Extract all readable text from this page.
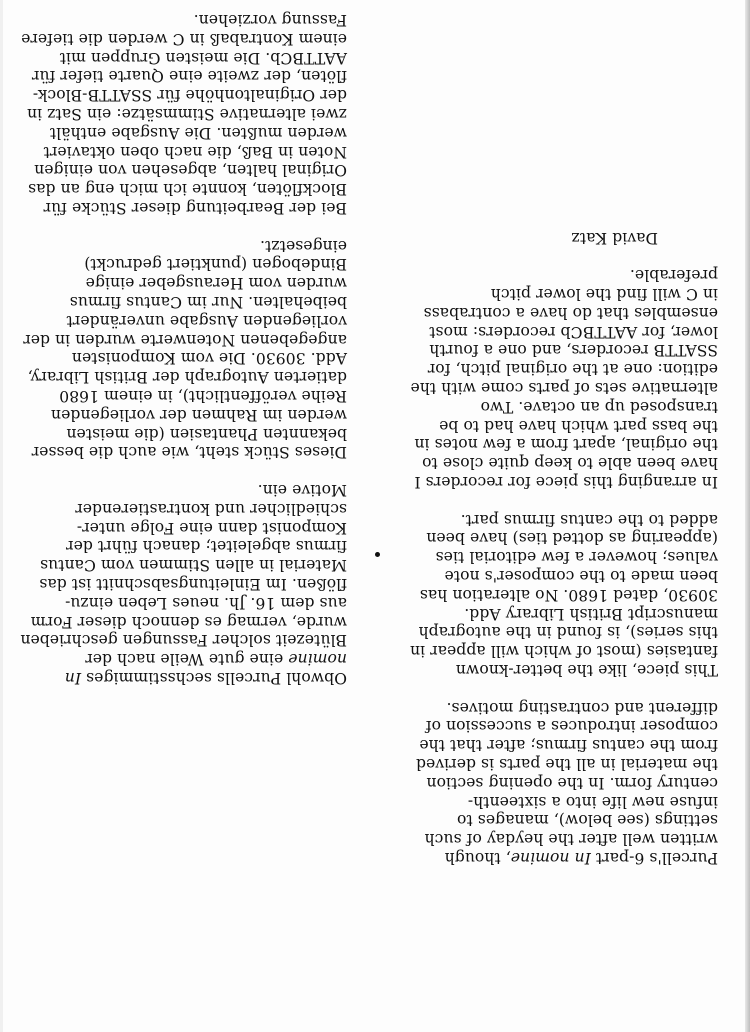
Purcell's 6-part In nomine, though
written well after the heyday of such
settings (see below), manages to
infuse new life into a sixteenth-
century form. In the opening section
the material in all the parts is derived
from the cantus firmus; after that the
composer introduces a succession of
different and contrasting motives.
This piece, like the better-known
fantasies (most of which will appear in
this series), is found in the autograph
manuscript British Library Add.
30930, dated 1680. No alteration has
been made to the composer's note
values; however a few editorial ties
(appearing as dotted ties) have been
added to the cantus firmus part.
In arranging this piece for recorders I
have been able to keep quite close to
the original, apart from a few notes in
the bass part which have had to be
transposed up an octave. Two
alternative sets of parts come with the
edition: one at the original pitch, for
SSATTB recorders, and one a fourth
lower, for AATTBCb recorders: most
ensembles that do have a contrabass
in C will find the lower pitch
preferable.
David Katz
Obwohl Purcells sechsstimmiges In
nomine eine gute Weile nach der
Blütezeit solcher Fassungen geschrieben
wurde, vermag es dennoch dieser Form
aus dem 16. Jh. neues Leben einzu-
flößen. Im Einleitungsabschnitt ist das
Material in allen Stimmen vom Cantus
firmus abgeleitet; danach führt der
Komponist dann eine Folge unter-
schiedlicher und kontrastierender
Motive ein.
Dieses Stück steht, wie auch die besser
bekannten Phantasien (die meisten
werden im Rahmen der vorliegenden
Reihe veröffentlicht), in einem 1680
datierten Autograph der British Library,
Add. 30930. Die vom Komponisten
angegebenen Notenwerte wurden in der
vorliegenden Ausgabe unverändert
beibehalten. Nur im Cantus firmus
wurden vom Herausgeber einige
Bindebogen (punktiert gedruckt)
eingesetzt.
Bei der Bearbeitung dieser Stücke für
Blockflöten, konnte ich mich eng an das
Original halten, abgesehen von einigen
Noten in Baß, die nach oben oktaviert
werden mußten. Die Ausgabe enthält
zwei alternative Stimmsätze: ein Satz in
der Originaltonhöhe für SSATTB-Block-
flöten, der zweite eine Quarte tiefer für
AATTBCb. Die meisten Gruppen mit
einem Kontrabaß in C werden die tiefere
Fassung vorziehen.
